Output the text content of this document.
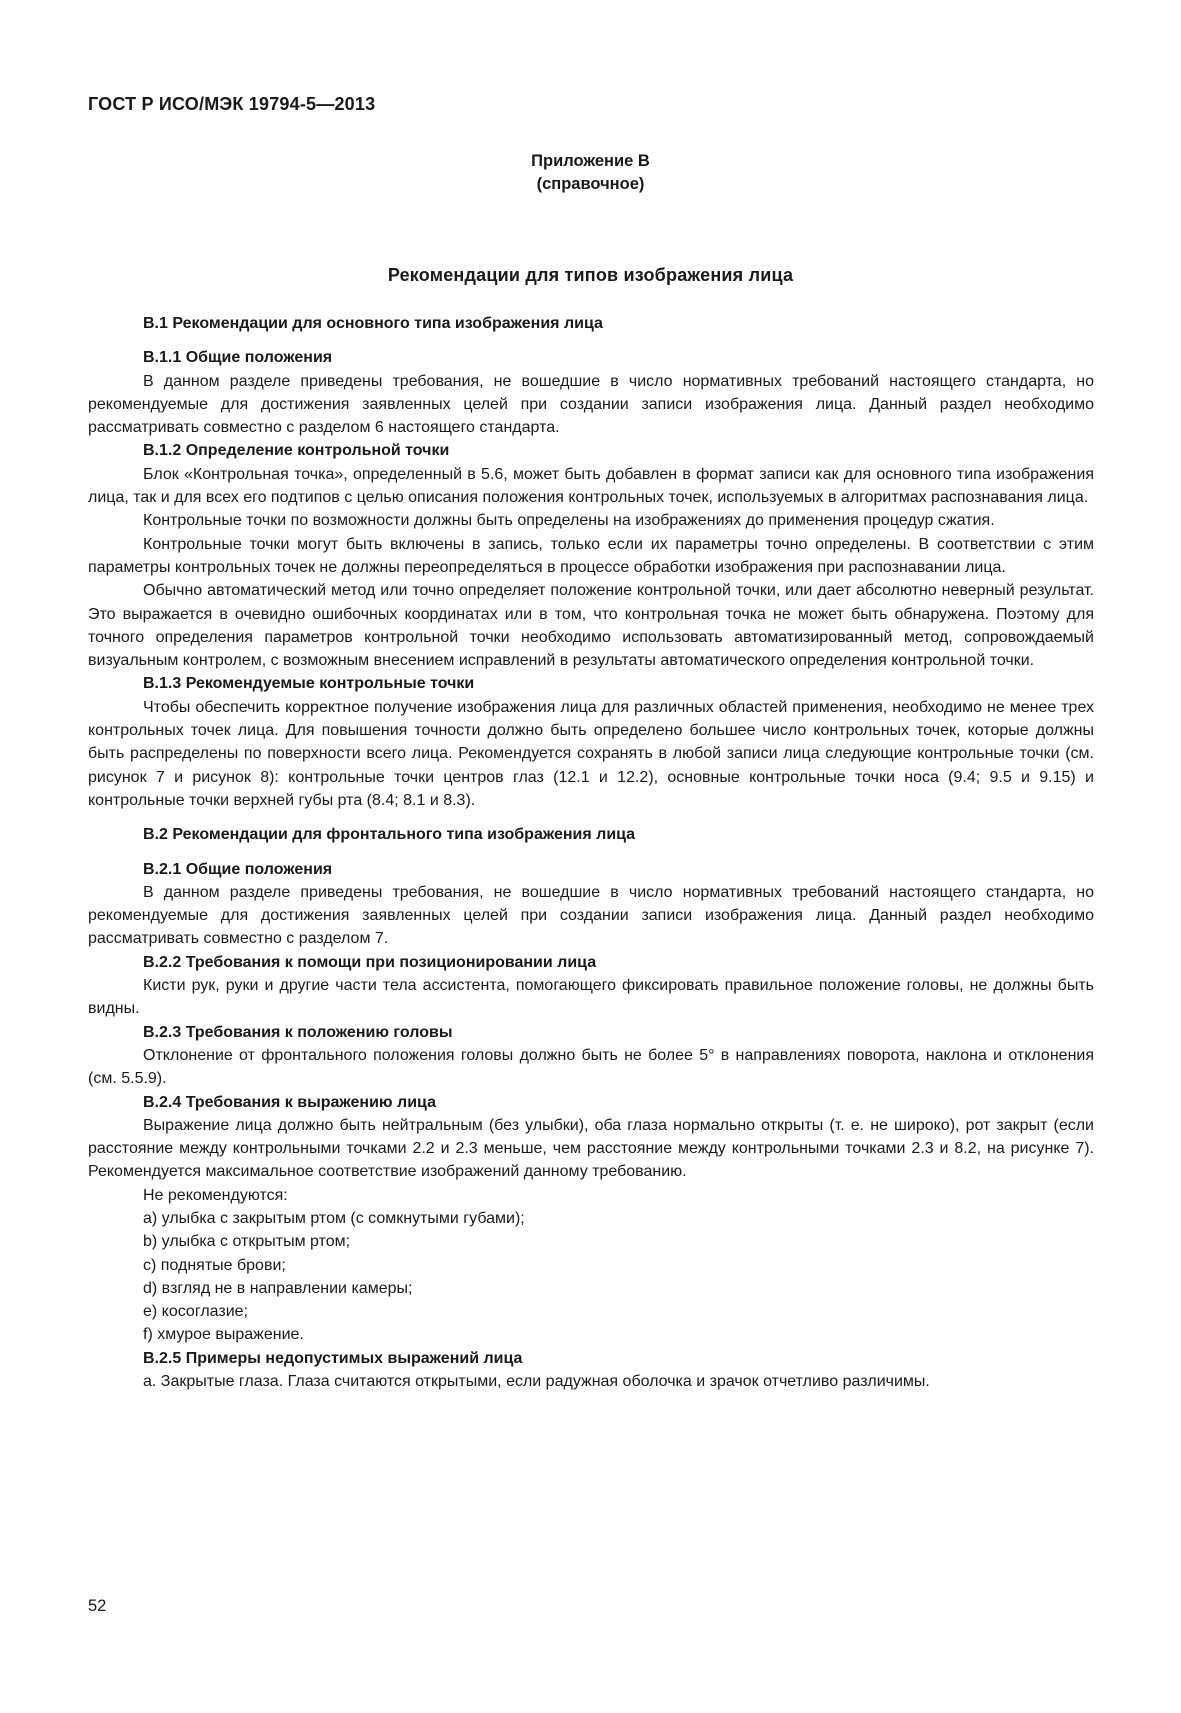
ГОСТ Р ИСО/МЭК 19794-5—2013
Приложение В
(справочное)
Рекомендации для типов изображения лица
В.1 Рекомендации для основного типа изображения лица
В.1.1 Общие положения

В данном разделе приведены требования, не вошедшие в число нормативных требований настоящего стандарта, но рекомендуемые для достижения заявленных целей при создании записи изображения лица. Данный раздел необходимо рассматривать совместно с разделом 6 настоящего стандарта.

В.1.2 Определение контрольной точки

Блок «Контрольная точка», определенный в 5.6, может быть добавлен в формат записи как для основного типа изображения лица, так и для всех его подтипов с целью описания положения контрольных точек, используемых в алгоритмах распознавания лица.

Контрольные точки по возможности должны быть определены на изображениях до применения процедур сжатия.

Контрольные точки могут быть включены в запись, только если их параметры точно определены. В соответствии с этим параметры контрольных точек не должны переопределяться в процессе обработки изображения при распознавании лица.

Обычно автоматический метод или точно определяет положение контрольной точки, или дает абсолютно неверный результат. Это выражается в очевидно ошибочных координатах или в том, что контрольная точка не может быть обнаружена. Поэтому для точного определения параметров контрольной точки необходимо использовать автоматизированный метод, сопровождаемый визуальным контролем, с возможным внесением исправлений в результаты автоматического определения контрольной точки.

В.1.3 Рекомендуемые контрольные точки

Чтобы обеспечить корректное получение изображения лица для различных областей применения, необходимо не менее трех контрольных точек лица. Для повышения точности должно быть определено большее число контрольных точек, которые должны быть распределены по поверхности всего лица. Рекомендуется сохранять в любой записи лица следующие контрольные точки (см. рисунок 7 и рисунок 8): контрольные точки центров глаз (12.1 и 12.2), основные контрольные точки носа (9.4; 9.5 и 9.15) и контрольные точки верхней губы рта (8.4; 8.1 и 8.3).

В.2 Рекомендации для фронтального типа изображения лица
В.2.1 Общие положения

В данном разделе приведены требования, не вошедшие в число нормативных требований настоящего стандарта, но рекомендуемые для достижения заявленных целей при создании записи изображения лица. Данный раздел необходимо рассматривать совместно с разделом 7.

В.2.2 Требования к помощи при позиционировании лица

Кисти рук, руки и другие части тела ассистента, помогающего фиксировать правильное положение головы, не должны быть видны.

В.2.3 Требования к положению головы

Отклонение от фронтального положения головы должно быть не более 5° в направлениях поворота, наклона и отклонения (см. 5.5.9).

В.2.4 Требования к выражению лица

Выражение лица должно быть нейтральным (без улыбки), оба глаза нормально открыты (т. е. не широко), рот закрыт (если расстояние между контрольными точками 2.2 и 2.3 меньше, чем расстояние между контрольными точками 2.3 и 8.2, на рисунке 7). Рекомендуется максимальное соответствие изображений данному требованию.

Не рекомендуются:

a) улыбка с закрытым ртом (с сомкнутыми губами);
b) улыбка с открытым ртом;
c) поднятые брови;
d) взгляд не в направлении камеры;
e) косоглазие;
f) хмурое выражение.
В.2.5 Примеры недопустимых выражений лица

а. Закрытые глаза. Глаза считаются открытыми, если радужная оболочка и зрачок отчетливо различимы.

52
